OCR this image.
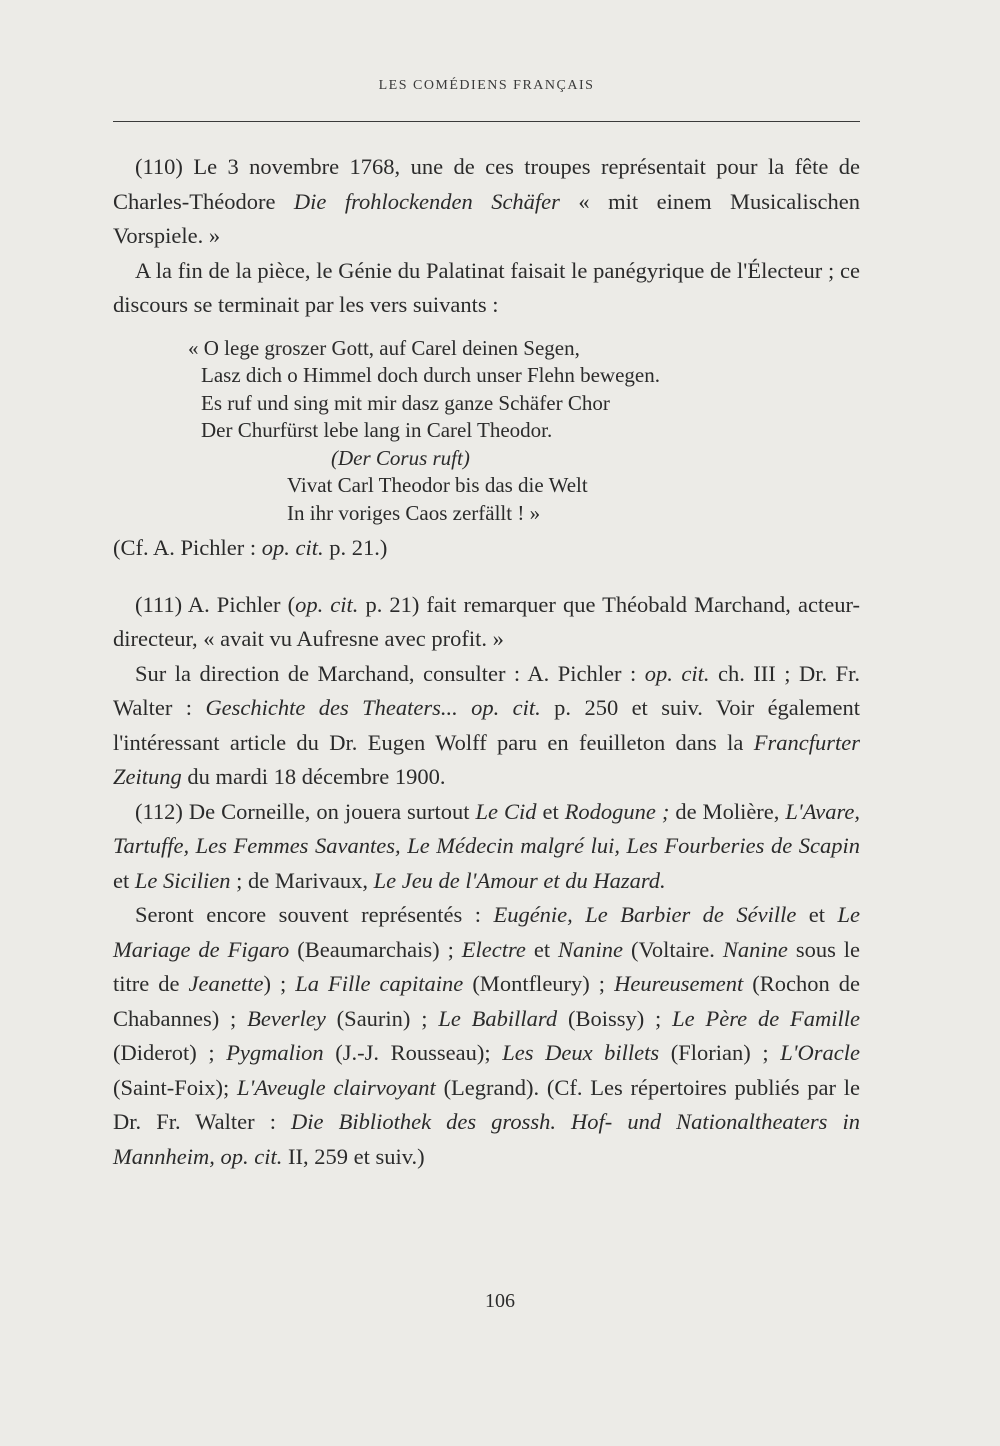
LES COMÉDIENS FRANÇAIS

(110) Le 3 novembre 1768, une de ces troupes représentait pour la fête de Charles-Théodore Die frohlockenden Schäfer « mit einem Musicalischen Vorspiele. »

A la fin de la pièce, le Génie du Palatinat faisait le panégyrique de l'Électeur ; ce discours se terminait par les vers suivants :

« O lege groszer Gott, auf Carel deinen Segen,
Lasz dich o Himmel doch durch unser Flehn bewegen.
Es ruf und sing mit mir dasz ganze Schäfer Chor
Der Churfürst lebe lang in Carel Theodor.
(Der Corus ruft)
Vivat Carl Theodor bis das die Welt
In ihr voriges Caos zerfällt ! »

(Cf. A. Pichler : op. cit. p. 21.)

(111) A. Pichler (op. cit. p. 21) fait remarquer que Théobald Marchand, acteur-directeur, « avait vu Aufresne avec profit. »

Sur la direction de Marchand, consulter : A. Pichler : op. cit. ch. III ; Dr. Fr. Walter : Geschichte des Theaters... op. cit. p. 250 et suiv. Voir également l'intéressant article du Dr. Eugen Wolff paru en feuilleton dans la Francfurter Zeitung du mardi 18 décembre 1900.

(112) De Corneille, on jouera surtout Le Cid et Rodogune ; de Molière, L'Avare, Tartuffe, Les Femmes Savantes, Le Médecin malgré lui, Les Fourberies de Scapin et Le Sicilien ; de Marivaux, Le Jeu de l'Amour et du Hazard.

Seront encore souvent représentés : Eugénie, Le Barbier de Séville et Le Mariage de Figaro (Beaumarchais) ; Electre et Nanine (Voltaire. Nanine sous le titre de Jeanette) ; La Fille capitaine (Montfleury) ; Heureusement (Rochon de Chabannes) ; Beverley (Saurin) ; Le Babillard (Boissy) ; Le Père de Famille (Diderot) ; Pygmalion (J.-J. Rousseau); Les Deux billets (Florian) ; L'Oracle (Saint-Foix); L'Aveugle clairvoyant (Legrand). (Cf. Les répertoires publiés par le Dr. Fr. Walter : Die Bibliothek des grossh. Hof- und Nationaltheaters in Mannheim, op. cit. II, 259 et suiv.)

106
